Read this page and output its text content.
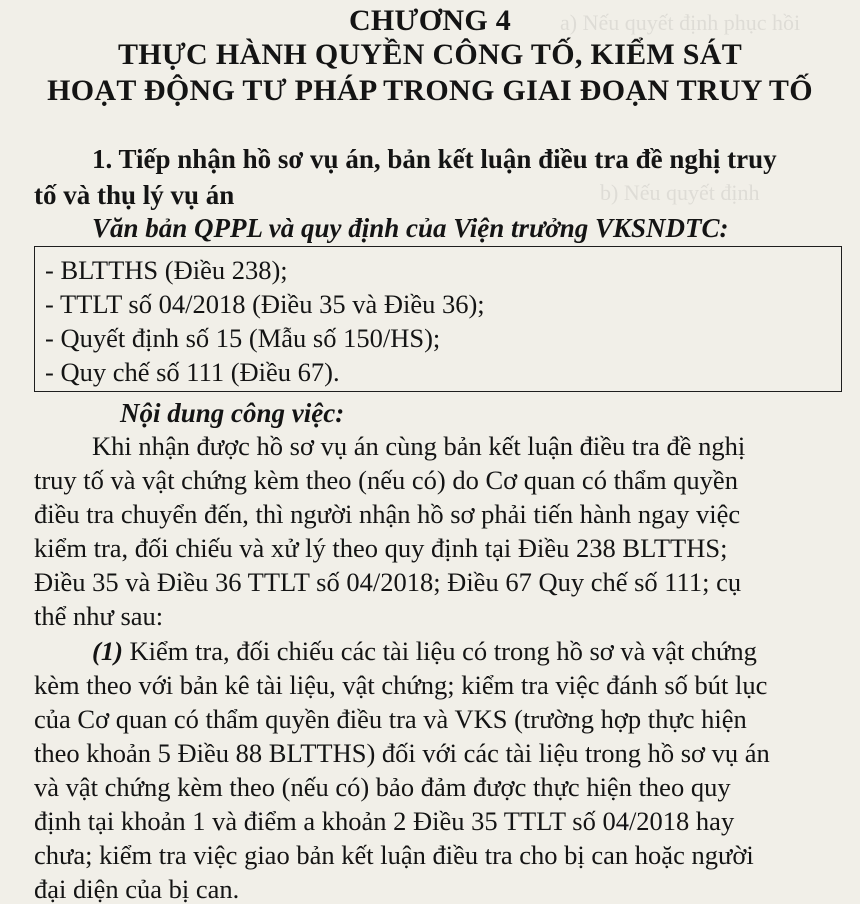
a) Nếu quyết định phục hồi
b) Nếu quyết định
CHƯƠNG 4
THỰC HÀNH QUYỀN CÔNG TỐ, KIỂM SÁT
HOẠT ĐỘNG TƯ PHÁP TRONG GIAI ĐOẠN TRUY TỐ
1. Tiếp nhận hồ sơ vụ án, bản kết luận điều tra đề nghị truy
tố và thụ lý vụ án
Văn bản QPPL và quy định của Viện trưởng VKSNDTC:
- BLTTHS (Điều 238);
- TTLT số 04/2018 (Điều 35 và Điều 36);
- Quyết định số 15 (Mẫu số 150/HS);
- Quy chế số 111 (Điều 67).
Nội dung công việc:
Khi nhận được hồ sơ vụ án cùng bản kết luận điều tra đề nghị
truy tố và vật chứng kèm theo (nếu có) do Cơ quan có thẩm quyền
điều tra chuyển đến, thì người nhận hồ sơ phải tiến hành ngay việc
kiểm tra, đối chiếu và xử lý theo quy định tại Điều 238 BLTTHS;
Điều 35 và Điều 36 TTLT số 04/2018; Điều 67 Quy chế số 111; cụ
thể như sau:
(1) Kiểm tra, đối chiếu các tài liệu có trong hồ sơ và vật chứng
kèm theo với bản kê tài liệu, vật chứng; kiểm tra việc đánh số bút lục
của Cơ quan có thẩm quyền điều tra và VKS (trường hợp thực hiện
theo khoản 5 Điều 88 BLTTHS) đối với các tài liệu trong hồ sơ vụ án
và vật chứng kèm theo (nếu có) bảo đảm được thực hiện theo quy
định tại khoản 1 và điểm a khoản 2 Điều 35 TTLT số 04/2018 hay
chưa; kiểm tra việc giao bản kết luận điều tra cho bị can hoặc người
đại diện của bị can.
